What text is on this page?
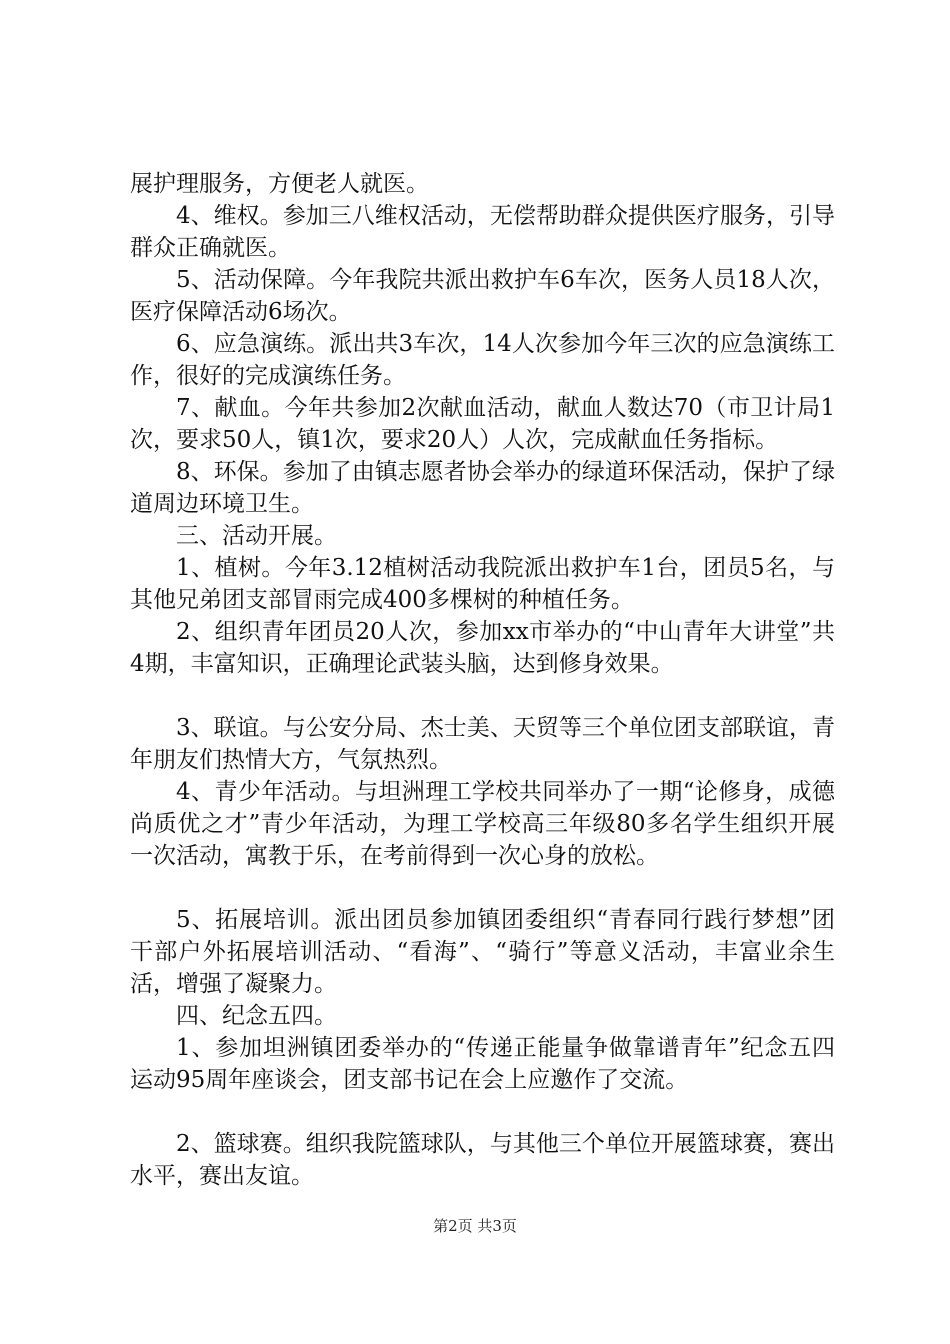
展护理服务，方便老人就医。

4、维权。参加三八维权活动，无偿帮助群众提供医疗服务，引导群众正确就医。

5、活动保障。今年我院共派出救护车6车次，医务人员18人次，医疗保障活动6场次。

6、应急演练。派出共3车次，14人次参加今年三次的应急演练工作，很好的完成演练任务。

7、献血。今年共参加2次献血活动，献血人数达70（市卫计局1次，要求50人，镇1次，要求20人）人次，完成献血任务指标。

8、环保。参加了由镇志愿者协会举办的绿道环保活动，保护了绿道周边环境卫生。

三、活动开展。

1、植树。今年3.12植树活动我院派出救护车1台，团员5名，与其他兄弟团支部冒雨完成400多棵树的种植任务。

2、组织青年团员20人次，参加xx市举办的“中山青年大讲堂”共4期，丰富知识，正确理论武装头脑，达到修身效果。

3、联谊。与公安分局、杰士美、天贸等三个单位团支部联谊，青年朋友们热情大方，气氛热烈。

4、青少年活动。与坦洲理工学校共同举办了一期“论修身，成德尚质优之才”青少年活动，为理工学校高三年级80多名学生组织开展一次活动，寓教于乐，在考前得到一次心身的放松。

5、拓展培训。派出团员参加镇团委组织“青春同行践行梦想”团干部户外拓展培训活动、“看海”、“骑行”等意义活动，丰富业余生活，增强了凝聚力。

四、纪念五四。

1、参加坦洲镇团委举办的“传递正能量争做靠谱青年”纪念五四运动95周年座谈会，团支部书记在会上应邀作了交流。

2、篮球赛。组织我院篮球队，与其他三个单位开展篮球赛，赛出水平，赛出友谊。

第2页 共3页
